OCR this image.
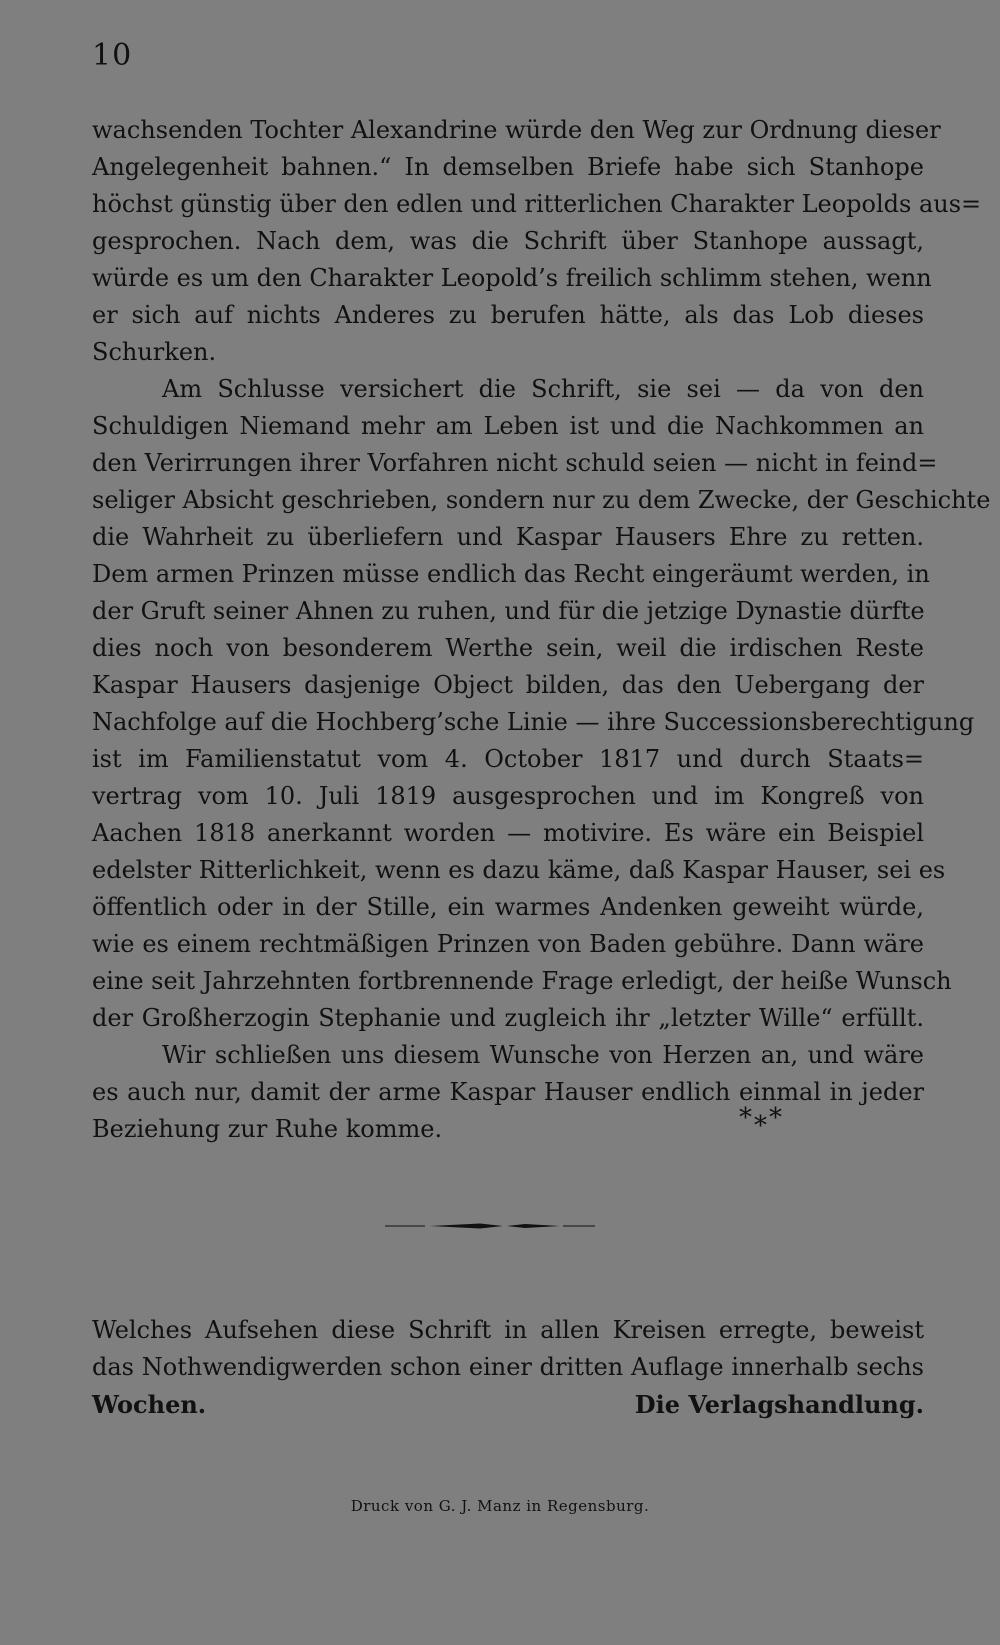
10
wachsenden Tochter Alexandrine würde den Weg zur Ordnung dieser
Angelegenheit bahnen.“ In demselben Briefe habe sich Stanhope
höchst günstig über den edlen und ritterlichen Charakter Leopolds aus=
gesprochen. Nach dem, was die Schrift über Stanhope aussagt,
würde es um den Charakter Leopold’s freilich schlimm stehen, wenn
er sich auf nichts Anderes zu berufen hätte, als das Lob dieses
Schurken.
Am Schlusse versichert die Schrift, sie sei — da von den
Schuldigen Niemand mehr am Leben ist und die Nachkommen an
den Verirrungen ihrer Vorfahren nicht schuld seien — nicht in feind=
seliger Absicht geschrieben, sondern nur zu dem Zwecke, der Geschichte
die Wahrheit zu überliefern und Kaspar Hausers Ehre zu retten.
Dem armen Prinzen müsse endlich das Recht eingeräumt werden, in
der Gruft seiner Ahnen zu ruhen, und für die jetzige Dynastie dürfte
dies noch von besonderem Werthe sein, weil die irdischen Reste
Kaspar Hausers dasjenige Object bilden, das den Uebergang der
Nachfolge auf die Hochberg’sche Linie — ihre Successionsberechtigung
ist im Familienstatut vom 4. October 1817 und durch Staats=
vertrag vom 10. Juli 1819 ausgesprochen und im Kongreß von
Aachen 1818 anerkannt worden — motivire. Es wäre ein Beispiel
edelster Ritterlichkeit, wenn es dazu käme, daß Kaspar Hauser, sei es
öffentlich oder in der Stille, ein warmes Andenken geweiht würde,
wie es einem rechtmäßigen Prinzen von Baden gebühre. Dann wäre
eine seit Jahrzehnten fortbrennende Frage erledigt, der heiße Wunsch
der Großherzogin Stephanie und zugleich ihr „letzter Wille“ erfüllt.
Wir schließen uns diesem Wunsche von Herzen an, und wäre
es auch nur, damit der arme Kaspar Hauser endlich einmal in jeder
Beziehung zur Ruhe komme.	*⁎*
Welches Aufsehen diese Schrift in allen Kreisen erregte, beweist
das Nothwendigwerden schon einer dritten Auflage innerhalb sechs
Wochen.	Die Verlagshandlung.
Druck von G. J. Manz in Regensburg.
